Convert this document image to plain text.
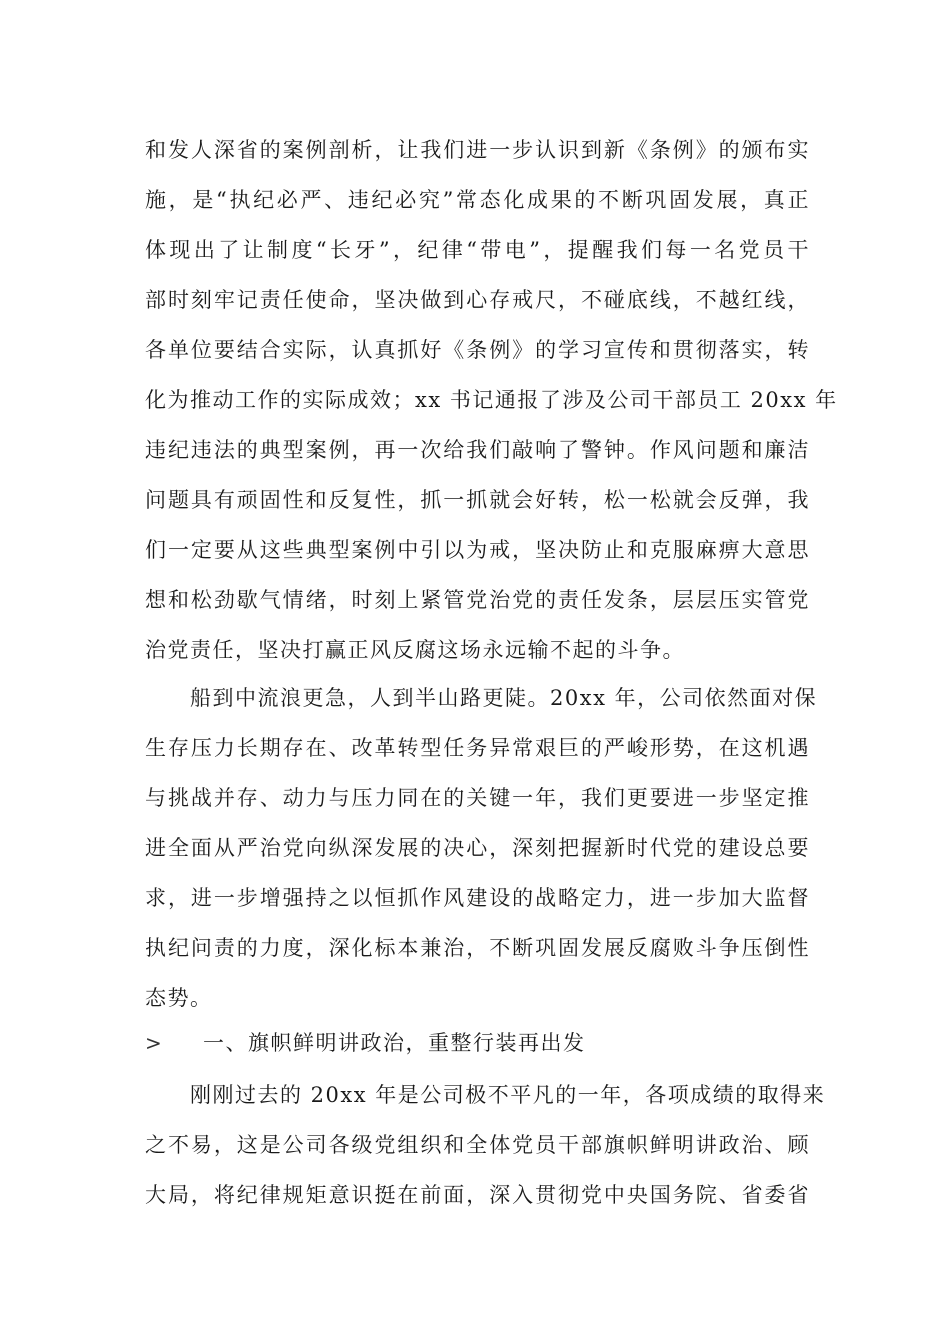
和发人深省的案例剖析，让我们进一步认识到新《条例》的颁布实
施，是“执纪必严、违纪必究”常态化成果的不断巩固发展，真正
体现出了让制度“长牙”，纪律“带电”，提醒我们每一名党员干
部时刻牢记责任使命，坚决做到心存戒尺，不碰底线，不越红线，
各单位要结合实际，认真抓好《条例》的学习宣传和贯彻落实，转
化为推动工作的实际成效；xx 书记通报了涉及公司干部员工 20xx 年
违纪违法的典型案例，再一次给我们敲响了警钟。作风问题和廉洁
问题具有顽固性和反复性，抓一抓就会好转，松一松就会反弹，我
们一定要从这些典型案例中引以为戒，坚决防止和克服麻痹大意思
想和松劲歇气情绪，时刻上紧管党治党的责任发条，层层压实管党
治党责任，坚决打赢正风反腐这场永远输不起的斗争。
　　船到中流浪更急，人到半山路更陡。20xx 年，公司依然面对保
生存压力长期存在、改革转型任务异常艰巨的严峻形势，在这机遇
与挑战并存、动力与压力同在的关键一年，我们更要进一步坚定推
进全面从严治党向纵深发展的决心，深刻把握新时代党的建设总要
求，进一步增强持之以恒抓作风建设的战略定力，进一步加大监督
执纪问责的力度，深化标本兼治，不断巩固发展反腐败斗争压倒性
态势。
> 一、旗帜鲜明讲政治，重整行装再出发
　　刚刚过去的 20xx 年是公司极不平凡的一年，各项成绩的取得来
之不易，这是公司各级党组织和全体党员干部旗帜鲜明讲政治、顾
大局，将纪律规矩意识挺在前面，深入贯彻党中央国务院、省委省
